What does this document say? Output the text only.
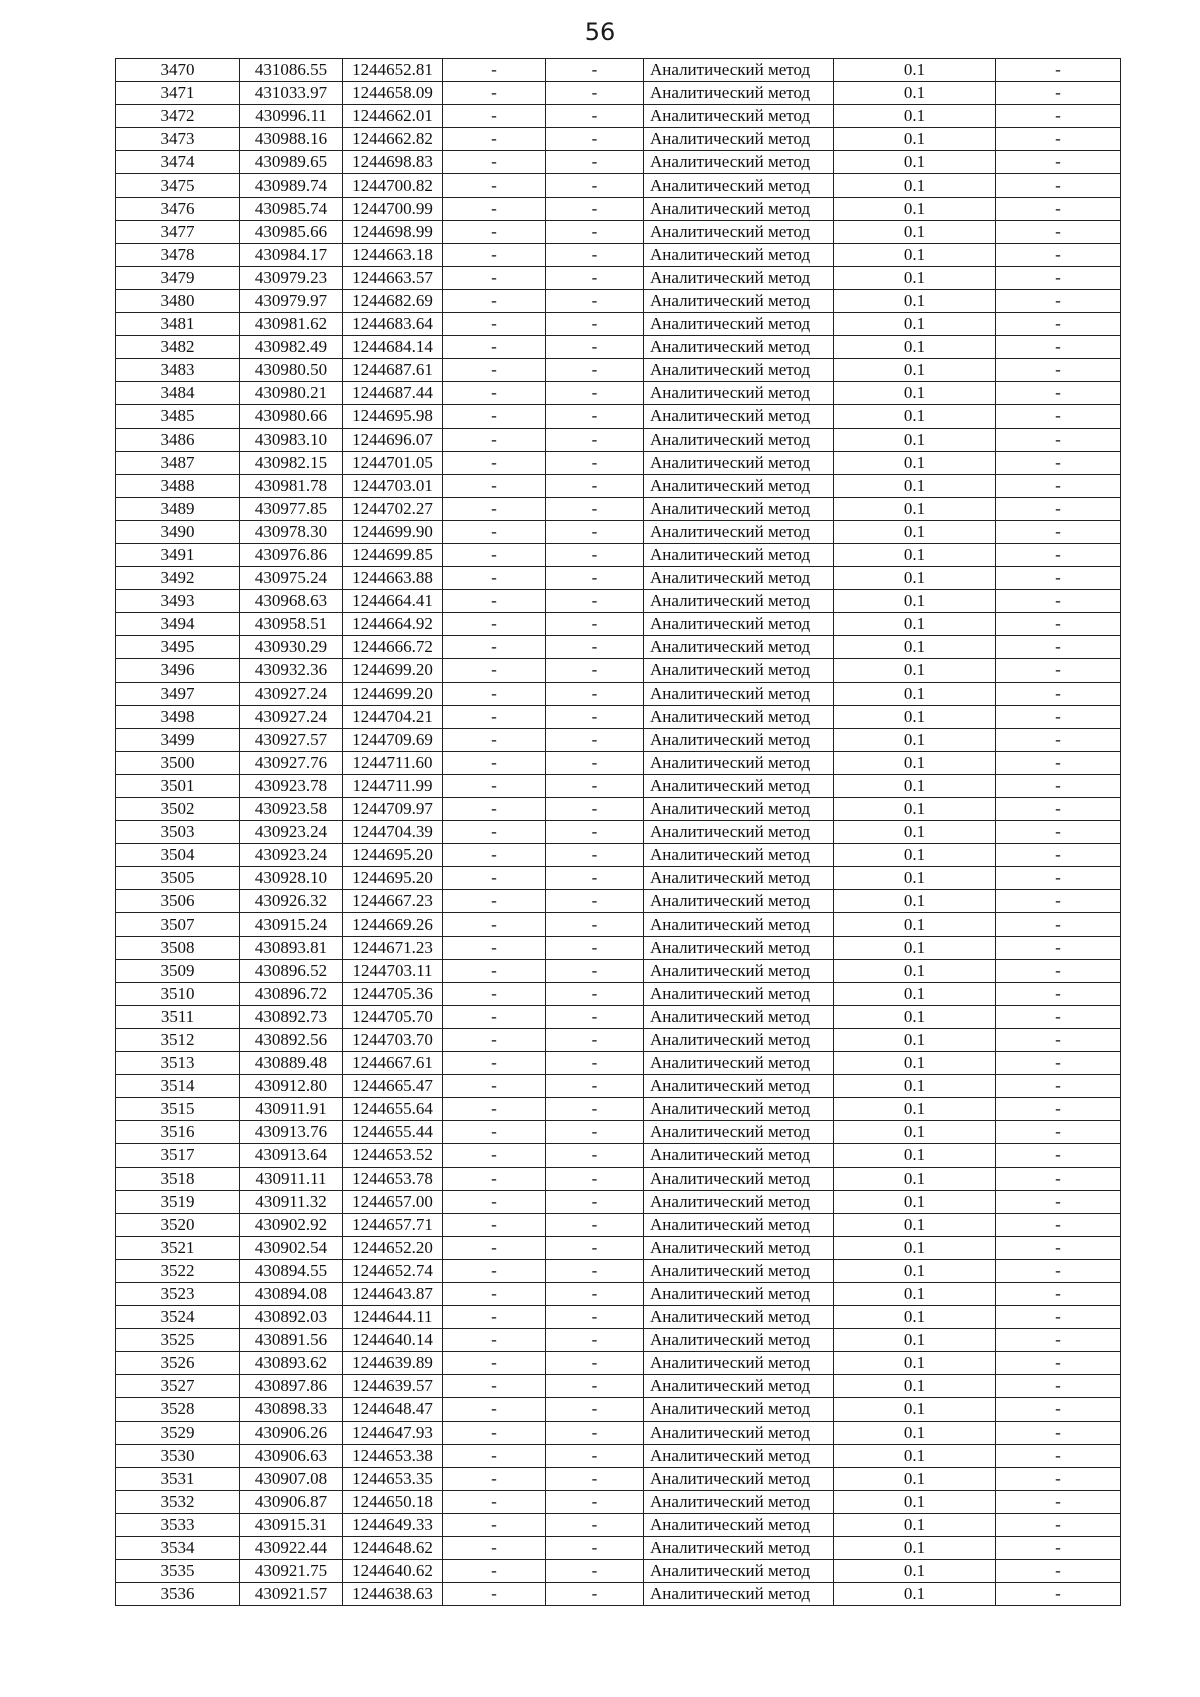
56
3470	431086.55	1244652.81	-	-	Аналитический метод	0.1	-
3471	431033.97	1244658.09	-	-	Аналитический метод	0.1	-
3472	430996.11	1244662.01	-	-	Аналитический метод	0.1	-
3473	430988.16	1244662.82	-	-	Аналитический метод	0.1	-
3474	430989.65	1244698.83	-	-	Аналитический метод	0.1	-
3475	430989.74	1244700.82	-	-	Аналитический метод	0.1	-
3476	430985.74	1244700.99	-	-	Аналитический метод	0.1	-
3477	430985.66	1244698.99	-	-	Аналитический метод	0.1	-
3478	430984.17	1244663.18	-	-	Аналитический метод	0.1	-
3479	430979.23	1244663.57	-	-	Аналитический метод	0.1	-
3480	430979.97	1244682.69	-	-	Аналитический метод	0.1	-
3481	430981.62	1244683.64	-	-	Аналитический метод	0.1	-
3482	430982.49	1244684.14	-	-	Аналитический метод	0.1	-
3483	430980.50	1244687.61	-	-	Аналитический метод	0.1	-
3484	430980.21	1244687.44	-	-	Аналитический метод	0.1	-
3485	430980.66	1244695.98	-	-	Аналитический метод	0.1	-
3486	430983.10	1244696.07	-	-	Аналитический метод	0.1	-
3487	430982.15	1244701.05	-	-	Аналитический метод	0.1	-
3488	430981.78	1244703.01	-	-	Аналитический метод	0.1	-
3489	430977.85	1244702.27	-	-	Аналитический метод	0.1	-
3490	430978.30	1244699.90	-	-	Аналитический метод	0.1	-
3491	430976.86	1244699.85	-	-	Аналитический метод	0.1	-
3492	430975.24	1244663.88	-	-	Аналитический метод	0.1	-
3493	430968.63	1244664.41	-	-	Аналитический метод	0.1	-
3494	430958.51	1244664.92	-	-	Аналитический метод	0.1	-
3495	430930.29	1244666.72	-	-	Аналитический метод	0.1	-
3496	430932.36	1244699.20	-	-	Аналитический метод	0.1	-
3497	430927.24	1244699.20	-	-	Аналитический метод	0.1	-
3498	430927.24	1244704.21	-	-	Аналитический метод	0.1	-
3499	430927.57	1244709.69	-	-	Аналитический метод	0.1	-
3500	430927.76	1244711.60	-	-	Аналитический метод	0.1	-
3501	430923.78	1244711.99	-	-	Аналитический метод	0.1	-
3502	430923.58	1244709.97	-	-	Аналитический метод	0.1	-
3503	430923.24	1244704.39	-	-	Аналитический метод	0.1	-
3504	430923.24	1244695.20	-	-	Аналитический метод	0.1	-
3505	430928.10	1244695.20	-	-	Аналитический метод	0.1	-
3506	430926.32	1244667.23	-	-	Аналитический метод	0.1	-
3507	430915.24	1244669.26	-	-	Аналитический метод	0.1	-
3508	430893.81	1244671.23	-	-	Аналитический метод	0.1	-
3509	430896.52	1244703.11	-	-	Аналитический метод	0.1	-
3510	430896.72	1244705.36	-	-	Аналитический метод	0.1	-
3511	430892.73	1244705.70	-	-	Аналитический метод	0.1	-
3512	430892.56	1244703.70	-	-	Аналитический метод	0.1	-
3513	430889.48	1244667.61	-	-	Аналитический метод	0.1	-
3514	430912.80	1244665.47	-	-	Аналитический метод	0.1	-
3515	430911.91	1244655.64	-	-	Аналитический метод	0.1	-
3516	430913.76	1244655.44	-	-	Аналитический метод	0.1	-
3517	430913.64	1244653.52	-	-	Аналитический метод	0.1	-
3518	430911.11	1244653.78	-	-	Аналитический метод	0.1	-
3519	430911.32	1244657.00	-	-	Аналитический метод	0.1	-
3520	430902.92	1244657.71	-	-	Аналитический метод	0.1	-
3521	430902.54	1244652.20	-	-	Аналитический метод	0.1	-
3522	430894.55	1244652.74	-	-	Аналитический метод	0.1	-
3523	430894.08	1244643.87	-	-	Аналитический метод	0.1	-
3524	430892.03	1244644.11	-	-	Аналитический метод	0.1	-
3525	430891.56	1244640.14	-	-	Аналитический метод	0.1	-
3526	430893.62	1244639.89	-	-	Аналитический метод	0.1	-
3527	430897.86	1244639.57	-	-	Аналитический метод	0.1	-
3528	430898.33	1244648.47	-	-	Аналитический метод	0.1	-
3529	430906.26	1244647.93	-	-	Аналитический метод	0.1	-
3530	430906.63	1244653.38	-	-	Аналитический метод	0.1	-
3531	430907.08	1244653.35	-	-	Аналитический метод	0.1	-
3532	430906.87	1244650.18	-	-	Аналитический метод	0.1	-
3533	430915.31	1244649.33	-	-	Аналитический метод	0.1	-
3534	430922.44	1244648.62	-	-	Аналитический метод	0.1	-
3535	430921.75	1244640.62	-	-	Аналитический метод	0.1	-
3536	430921.57	1244638.63	-	-	Аналитический метод	0.1	-
